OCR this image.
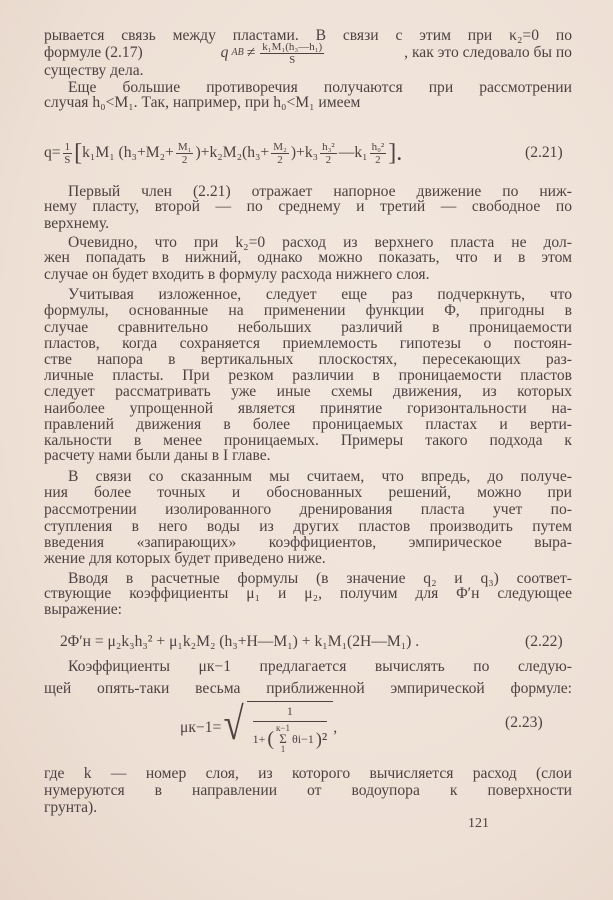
рывается связь между пластами. В связи с этим при κ₂=0 по
формуле (2.17)	q AB ≠ $\frac{\text{k₁M₁(h₃—h₁)}}{S}$	, как это следовало бы по
существу дела.
Еще большие противоречия получаются при рассмотрении
случая h₀<M₁. Так, например, при h₀<M₁ имеем
$q= \frac{1}{S}$ [ k₁M₁ $(h_3+M_2+ \frac{\text{M₁}}{2} )+k_2M_2(h_3+ \frac{\text{M₂}}{2} )+k_3 \frac{\text{h₃²}}{2}$ —k₁ $\frac{\text{h₀²}}{2}$ ].	(2.21)
Первый член (2.21) отражает напорное движение по ниж-
нему пласту, второй — по среднему и третий — свободное по
верхнему.
Очевидно, что при k₂=0 расход из верхнего пласта не дол-
жен попадать в нижний, однако можно показать, что и в этом
случае он будет входить в формулу расхода нижнего слоя.
Учитывая изложенное, следует еще раз подчеркнуть, что
формулы, основанные на применении функции Φ, пригодны в
случае сравнительно небольших различий в проницаемости
пластов, когда сохраняется приемлемость гипотезы о постоян-
стве напора в вертикальных плоскостях, пересекающих раз-
личные пласты. При резком различии в проницаемости пластов
следует рассматривать уже иные схемы движения, из которых
наиболее упрощенной является принятие горизонтальности на-
правлений движения в более проницаемых пластах и верти-
кальности в менее проницаемых. Примеры такого подхода к
расчету нами были даны в I главе.
В связи со сказанным мы считаем, что впредь, до получе-
ния более точных и обоснованных решений, можно при
рассмотрении изолированного дренирования пласта учет по-
ступления в него воды из других пластов производить путем
введения «запирающих» коэффициентов, эмпирическое выра-
жение для которых будет приведено ниже.
Вводя в расчетные формулы (в значение q₂ и q₃) соответ-
ствующие коэффициенты μ₁ и μ₂, получим для Φ′н следующее
выражение:
2Φ′н = μ₂k₃h₃² + μ₁k₂M₂ (h₃+H—M₁) + k₁M₁(2H—M₁) .	(2.22)
Коэффициенты μк−1 предлагается вычислять по следую-
щей опять-таки весьма приближенной эмпирической формуле:
μк−1= √	1
1+ ( к−1
Σ
1
θi−1 )²
,	(2.23)
где k — номер слоя, из которого вычисляется расход (слои
нумеруются в направлении от водоупора к поверхности
грунта).
121
